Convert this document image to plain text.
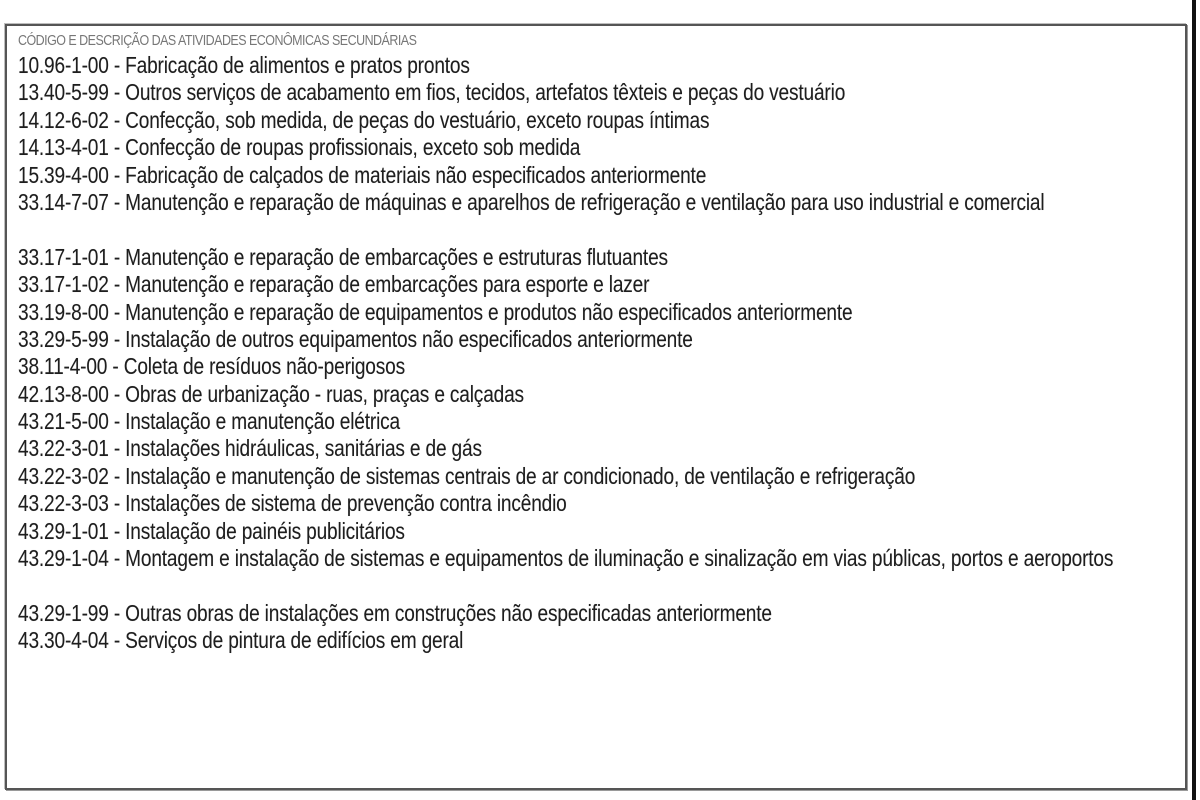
CÓDIGO E DESCRIÇÃO DAS ATIVIDADES ECONÔMICAS SECUNDÁRIAS
10.96-1-00 - Fabricação de alimentos e pratos prontos
13.40-5-99 - Outros serviços de acabamento em fios, tecidos, artefatos têxteis e peças do vestuário
14.12-6-02 - Confecção, sob medida, de peças do vestuário, exceto roupas íntimas
14.13-4-01 - Confecção de roupas profissionais, exceto sob medida
15.39-4-00 - Fabricação de calçados de materiais não especificados anteriormente
33.14-7-07 - Manutenção e reparação de máquinas e aparelhos de refrigeração e ventilação para uso industrial e comercial
33.17-1-01 - Manutenção e reparação de embarcações e estruturas flutuantes
33.17-1-02 - Manutenção e reparação de embarcações para esporte e lazer
33.19-8-00 - Manutenção e reparação de equipamentos e produtos não especificados anteriormente
33.29-5-99 - Instalação de outros equipamentos não especificados anteriormente
38.11-4-00 - Coleta de resíduos não-perigosos
42.13-8-00 - Obras de urbanização - ruas, praças e calçadas
43.21-5-00 - Instalação e manutenção elétrica
43.22-3-01 - Instalações hidráulicas, sanitárias e de gás
43.22-3-02 - Instalação e manutenção de sistemas centrais de ar condicionado, de ventilação e refrigeração
43.22-3-03 - Instalações de sistema de prevenção contra incêndio
43.29-1-01 - Instalação de painéis publicitários
43.29-1-04 - Montagem e instalação de sistemas e equipamentos de iluminação e sinalização em vias públicas, portos e aeroportos
43.29-1-99 - Outras obras de instalações em construções não especificadas anteriormente
43.30-4-04 - Serviços de pintura de edifícios em geral
